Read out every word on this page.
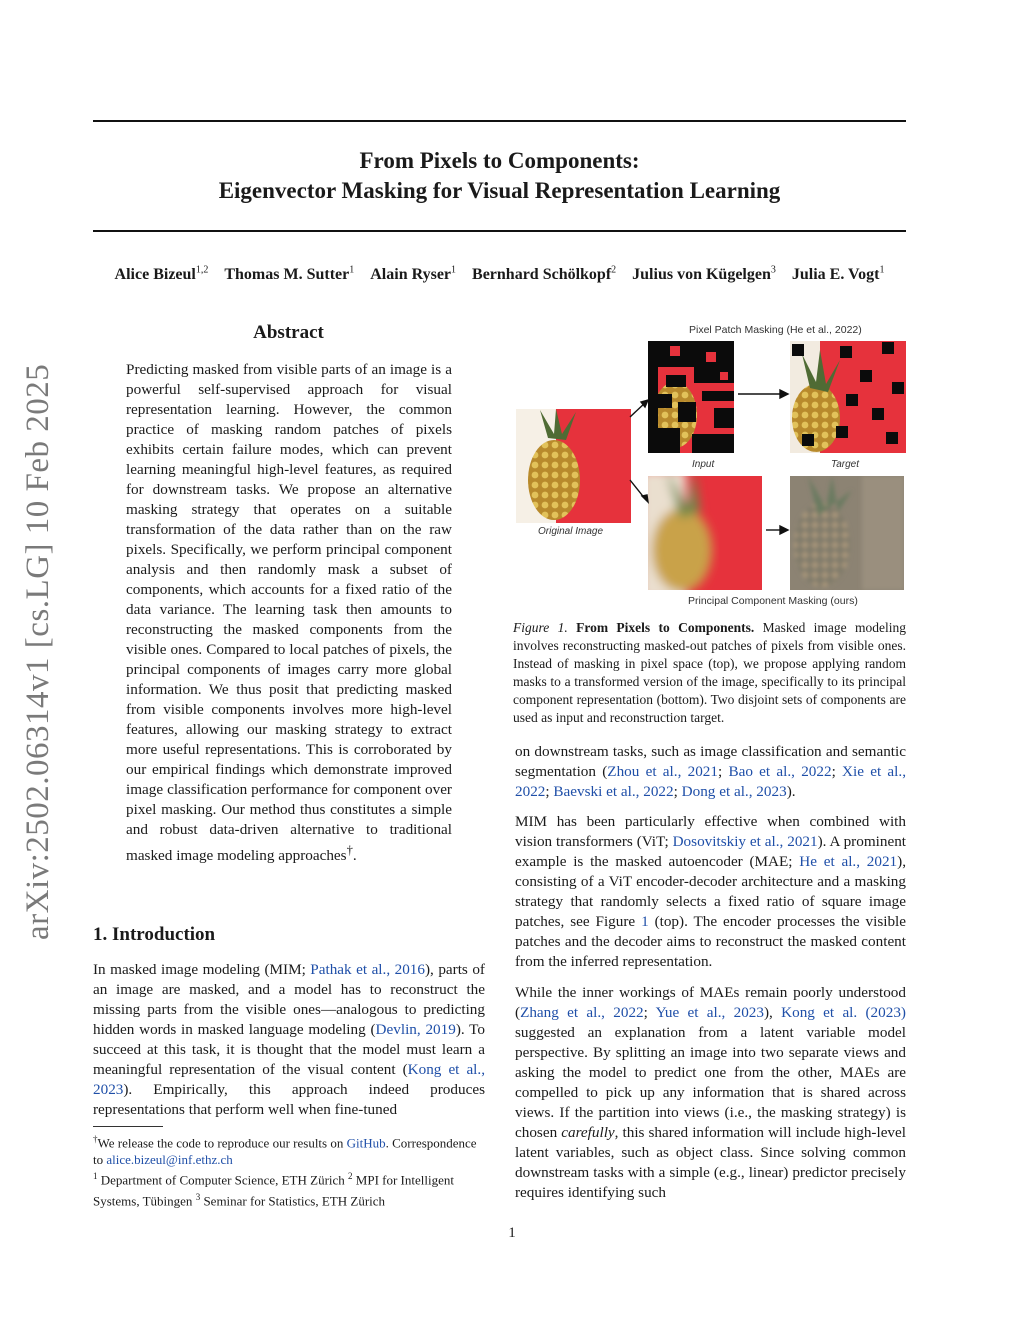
From Pixels to Components:
Eigenvector Masking for Visual Representation Learning
Alice Bizeul$^{1,2}$ Thomas M. Sutter$^1$ Alain Ryser$^1$ Bernhard Schölkopf$^2$ Julius von Kügelgen$^3$ Julia E. Vogt$^1$
arXiv:2502.06314v1 [cs.LG] 10 Feb 2025
Abstract
Predicting masked from visible parts of an image is a powerful self-supervised approach for visual representation learning. However, the common practice of masking random patches of pixels exhibits certain failure modes, which can prevent learning meaningful high-level features, as required for downstream tasks. We propose an alternative masking strategy that operates on a suitable transformation of the data rather than on the raw pixels. Specifically, we perform principal component analysis and then randomly mask a subset of components, which accounts for a fixed ratio of the data variance. The learning task then amounts to reconstructing the masked components from the visible ones. Compared to local patches of pixels, the principal components of images carry more global information. We thus posit that predicting masked from visible components involves more high-level features, allowing our masking strategy to extract more useful representations. This is corroborated by our empirical findings which demonstrate improved image classification performance for component over pixel masking. Our method thus constitutes a simple and robust data-driven alternative to traditional masked image modeling approaches†.
1. Introduction
In masked image modeling (MIM; Pathak et al., 2016), parts of an image are masked, and a model has to reconstruct the missing parts from the visible ones—analogous to predicting hidden words in masked language modeling (Devlin, 2019). To succeed at this task, it is thought that the model must learn a meaningful representation of the visual content (Kong et al., 2023). Empirically, this approach indeed produces representations that perform well when fine-tuned

†We release the code to reproduce our results on GitHub. Correspondence to alice.bizeul@inf.ethz.ch

$^1$ Department of Computer Science, ETH Zürich $^2$ MPI for Intelligent Systems, Tübingen $^3$ Seminar for Statistics, ETH Zürich

Pixel Patch Masking (He et al., 2022)
Input	Target
Original Image
Principal Component Masking (ours)
Figure 1. From Pixels to Components. Masked image modeling involves reconstructing masked-out patches of pixels from visible ones. Instead of masking in pixel space (top), we propose applying random masks to a transformed version of the image, specifically to its principal component representation (bottom). Two disjoint sets of components are used as input and reconstruction target.
on downstream tasks, such as image classification and semantic segmentation (Zhou et al., 2021; Bao et al., 2022; Xie et al., 2022; Baevski et al., 2022; Dong et al., 2023).
MIM has been particularly effective when combined with vision transformers (ViT; Dosovitskiy et al., 2021). A prominent example is the masked autoencoder (MAE; He et al., 2021), consisting of a ViT encoder-decoder architecture and a masking strategy that randomly selects a fixed ratio of square image patches, see Figure 1 (top). The encoder processes the visible patches and the decoder aims to reconstruct the masked content from the inferred representation.
While the inner workings of MAEs remain poorly understood (Zhang et al., 2022; Yue et al., 2023), Kong et al. (2023) suggested an explanation from a latent variable model perspective. By splitting an image into two separate views and asking the model to predict one from the other, MAEs are compelled to pick up any information that is shared across views. If the partition into views (i.e., the masking strategy) is chosen carefully, this shared information will include high-level latent variables, such as object class. Since solving common downstream tasks with a simple (e.g., linear) predictor precisely requires identifying such
1
